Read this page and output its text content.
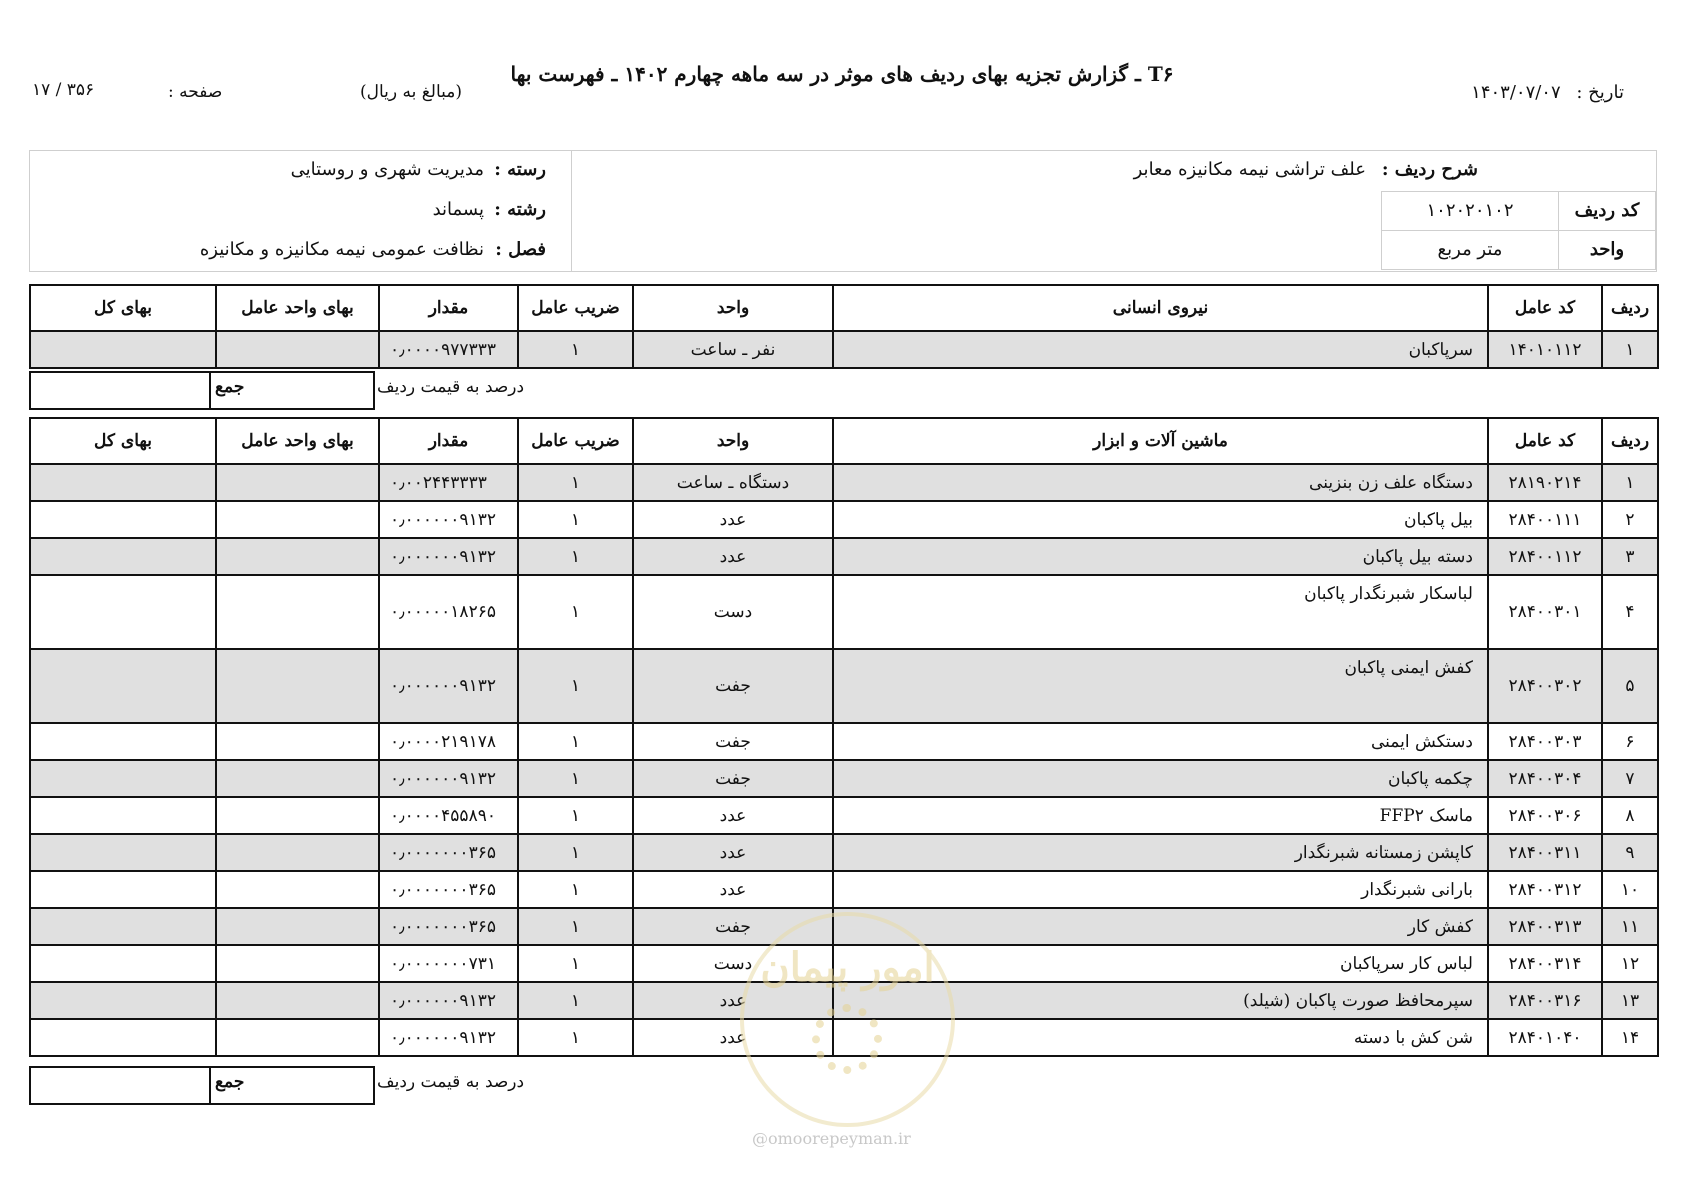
T۶ ـ گزارش تجزیه بهای ردیف های موثر در سه ماهه چهارم ۱۴۰۲ ـ فهرست بها
تاریخ : ۱۴۰۳/۰۷/۰۷
(مبالغ به ریال)
صفحه :
۱۷ / ۳۵۶
شرح ردیف :
علف تراشی نیمه مکانیزه معابر
کد ردیف
۱۰۲۰۲۰۱۰۲
واحد
متر مربع
رسته :
مدیریت شهری و روستایی
رشته :
پسماند
فصل :
نظافت عمومی نیمه مکانیزه و مکانیزه
ردیف	کد عامل	نیروی انسانی	واحد	ضریب عامل	مقدار	بهای واحد عامل	بهای کل
۱	۱۴۰۱۰۱۱۲	سرپاکبان	نفر ـ ساعت	۱	۰٫۰۰۰۰۹۷۷۳۳۳		
جمع	درصد به قیمت ردیف
ردیف	کد عامل	ماشین آلات و ابزار	واحد	ضریب عامل	مقدار	بهای واحد عامل	بهای کل
۱	۲۸۱۹۰۲۱۴	دستگاه علف زن بنزینی	دستگاه ـ ساعت	۱	۰٫۰۰۲۴۴۳۳۳۳		
۲	۲۸۴۰۰۱۱۱	بیل پاکبان	عدد	۱	۰٫۰۰۰۰۰۰۹۱۳۲		
۳	۲۸۴۰۰۱۱۲	دسته بیل پاکبان	عدد	۱	۰٫۰۰۰۰۰۰۹۱۳۲		
۴	۲۸۴۰۰۳۰۱	لباسکار شبرنگدار پاکبان	دست	۱	۰٫۰۰۰۰۰۱۸۲۶۵		
۵	۲۸۴۰۰۳۰۲	کفش ایمنی پاکبان	جفت	۱	۰٫۰۰۰۰۰۰۹۱۳۲		
۶	۲۸۴۰۰۳۰۳	دستکش ایمنی	جفت	۱	۰٫۰۰۰۰۲۱۹۱۷۸		
۷	۲۸۴۰۰۳۰۴	چکمه پاکبان	جفت	۱	۰٫۰۰۰۰۰۰۹۱۳۲		
۸	۲۸۴۰۰۳۰۶	ماسک FFP۲	عدد	۱	۰٫۰۰۰۰۴۵۵۸۹۰		
۹	۲۸۴۰۰۳۱۱	کاپشن زمستانه شبرنگدار	عدد	۱	۰٫۰۰۰۰۰۰۰۳۶۵		
۱۰	۲۸۴۰۰۳۱۲	بارانی شبرنگدار	عدد	۱	۰٫۰۰۰۰۰۰۰۳۶۵		
۱۱	۲۸۴۰۰۳۱۳	کفش کار	جفت	۱	۰٫۰۰۰۰۰۰۰۳۶۵		
۱۲	۲۸۴۰۰۳۱۴	لباس کار سرپاکبان	دست	۱	۰٫۰۰۰۰۰۰۰۷۳۱		
۱۳	۲۸۴۰۰۳۱۶	سپرمحافظ صورت پاکبان (شیلد)	عدد	۱	۰٫۰۰۰۰۰۰۹۱۳۲		
۱۴	۲۸۴۰۱۰۴۰	شن کش با دسته	عدد	۱	۰٫۰۰۰۰۰۰۹۱۳۲		
جمع	درصد به قیمت ردیف
امور پیمان
@omoorepeyman.ir
